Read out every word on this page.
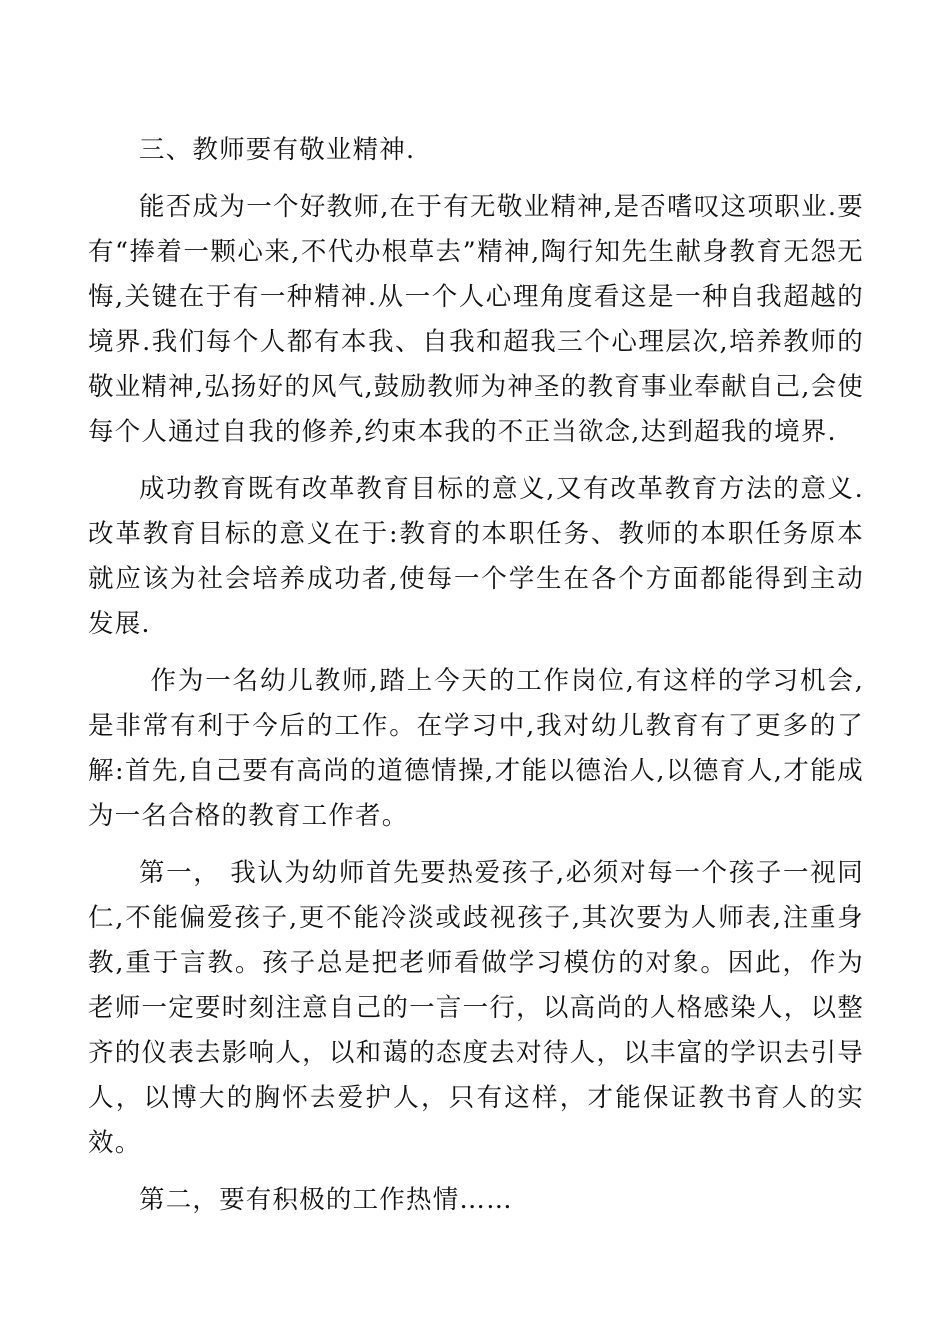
三、教师要有敬业精神.

能否成为一个好教师,在于有无敬业精神,是否嗜叹这项职业.要有“捧着一颗心来,不代办根草去”精神,陶行知先生献身教育无怨无悔,关键在于有一种精神.从一个人心理角度看这是一种自我超越的境界.我们每个人都有本我、自我和超我三个心理层次,培养教师的敬业精神,弘扬好的风气,鼓励教师为神圣的教育事业奉献自己,会使每个人通过自我的修养,约束本我的不正当欲念,达到超我的境界.

成功教育既有改革教育目标的意义,又有改革教育方法的意义.改革教育目标的意义在于:教育的本职任务、教师的本职任务原本就应该为社会培养成功者,使每一个学生在各个方面都能得到主动发展.

作为一名幼儿教师,踏上今天的工作岗位,有这样的学习机会,是非常有利于今后的工作。在学习中,我对幼儿教育有了更多的了解:首先,自己要有高尚的道德情操,才能以德治人,以德育人,才能成为一名合格的教育工作者。

第一， 我认为幼师首先要热爱孩子,必须对每一个孩子一视同仁,不能偏爱孩子,更不能冷淡或歧视孩子,其次要为人师表,注重身教,重于言教。孩子总是把老师看做学习模仿的对象。因此，作为老师一定要时刻注意自己的一言一行，以高尚的人格感染人，以整齐的仪表去影响人，以和蔼的态度去对待人，以丰富的学识去引导人，以博大的胸怀去爱护人，只有这样，才能保证教书育人的实效。

第二，要有积极的工作热情……
